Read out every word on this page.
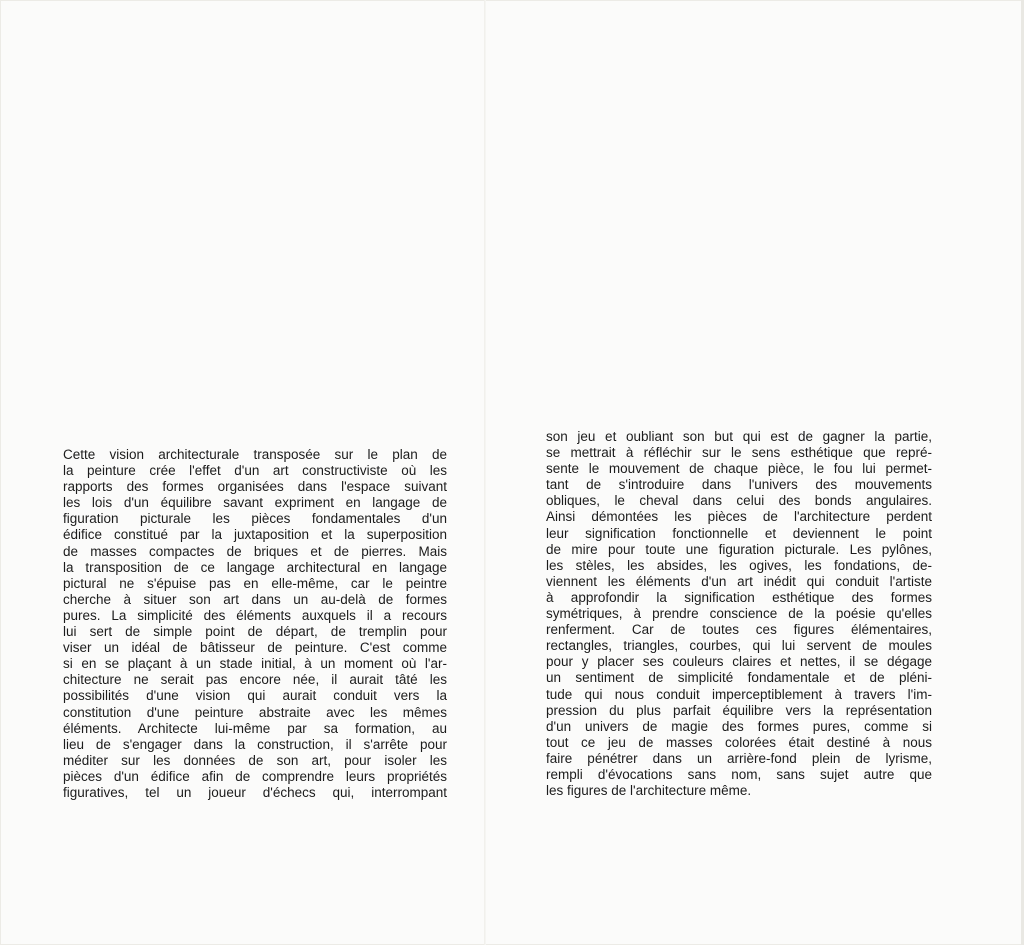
Cette vision architecturale transposée sur le plan de
la peinture crée l'effet d'un art constructiviste où les
rapports des formes organisées dans l'espace suivant
les lois d'un équilibre savant expriment en langage de
figuration picturale les pièces fondamentales d'un
édifice constitué par la juxtaposition et la superposition
de masses compactes de briques et de pierres. Mais
la transposition de ce langage architectural en langage
pictural ne s'épuise pas en elle-même, car le peintre
cherche à situer son art dans un au-delà de formes
pures. La simplicité des éléments auxquels il a recours
lui sert de simple point de départ, de tremplin pour
viser un idéal de bâtisseur de peinture. C'est comme
si en se plaçant à un stade initial, à un moment où l'ar-
chitecture ne serait pas encore née, il aurait tâté les
possibilités d'une vision qui aurait conduit vers la
constitution d'une peinture abstraite avec les mêmes
éléments. Architecte lui-même par sa formation, au
lieu de s'engager dans la construction, il s'arrête pour
méditer sur les données de son art, pour isoler les
pièces d'un édifice afin de comprendre leurs propriétés
figuratives, tel un joueur d'échecs qui, interrompant
son jeu et oubliant son but qui est de gagner la partie,
se mettrait à réfléchir sur le sens esthétique que repré-
sente le mouvement de chaque pièce, le fou lui permet-
tant de s'introduire dans l'univers des mouvements
obliques, le cheval dans celui des bonds angulaires.
Ainsi démontées les pièces de l'architecture perdent
leur signification fonctionnelle et deviennent le point
de mire pour toute une figuration picturale. Les pylônes,
les stèles, les absides, les ogives, les fondations, de-
viennent les éléments d'un art inédit qui conduit l'artiste
à approfondir la signification esthétique des formes
symétriques, à prendre conscience de la poésie qu'elles
renferment. Car de toutes ces figures élémentaires,
rectangles, triangles, courbes, qui lui servent de moules
pour y placer ses couleurs claires et nettes, il se dégage
un sentiment de simplicité fondamentale et de pléni-
tude qui nous conduit imperceptiblement à travers l'im-
pression du plus parfait équilibre vers la représentation
d'un univers de magie des formes pures, comme si
tout ce jeu de masses colorées était destiné à nous
faire pénétrer dans un arrière-fond plein de lyrisme,
rempli d'évocations sans nom, sans sujet autre que
les figures de l'architecture même.
